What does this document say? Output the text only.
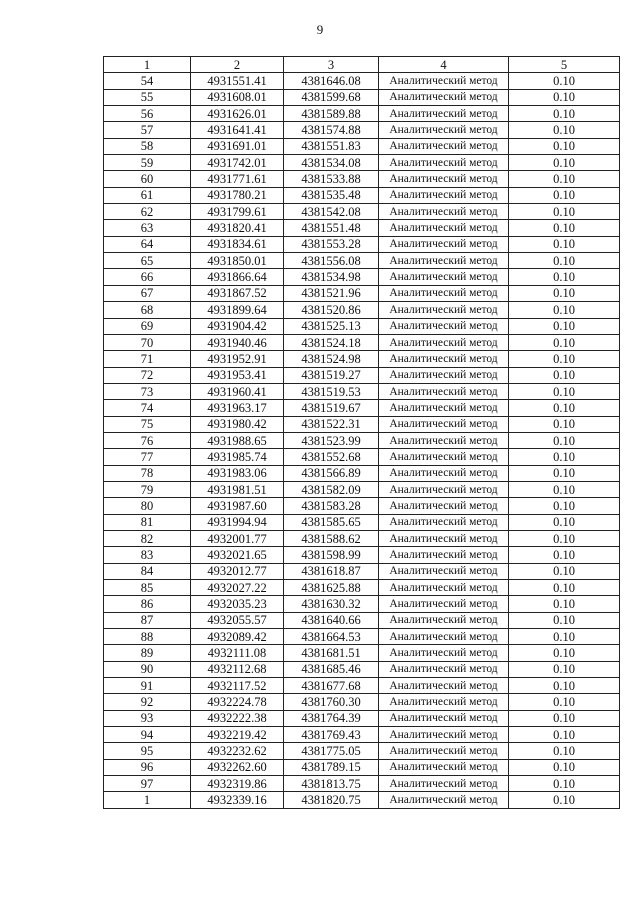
9
1	2	3	4	5
54	4931551.41	4381646.08	Аналитический метод	0.10
55	4931608.01	4381599.68	Аналитический метод	0.10
56	4931626.01	4381589.88	Аналитический метод	0.10
57	4931641.41	4381574.88	Аналитический метод	0.10
58	4931691.01	4381551.83	Аналитический метод	0.10
59	4931742.01	4381534.08	Аналитический метод	0.10
60	4931771.61	4381533.88	Аналитический метод	0.10
61	4931780.21	4381535.48	Аналитический метод	0.10
62	4931799.61	4381542.08	Аналитический метод	0.10
63	4931820.41	4381551.48	Аналитический метод	0.10
64	4931834.61	4381553.28	Аналитический метод	0.10
65	4931850.01	4381556.08	Аналитический метод	0.10
66	4931866.64	4381534.98	Аналитический метод	0.10
67	4931867.52	4381521.96	Аналитический метод	0.10
68	4931899.64	4381520.86	Аналитический метод	0.10
69	4931904.42	4381525.13	Аналитический метод	0.10
70	4931940.46	4381524.18	Аналитический метод	0.10
71	4931952.91	4381524.98	Аналитический метод	0.10
72	4931953.41	4381519.27	Аналитический метод	0.10
73	4931960.41	4381519.53	Аналитический метод	0.10
74	4931963.17	4381519.67	Аналитический метод	0.10
75	4931980.42	4381522.31	Аналитический метод	0.10
76	4931988.65	4381523.99	Аналитический метод	0.10
77	4931985.74	4381552.68	Аналитический метод	0.10
78	4931983.06	4381566.89	Аналитический метод	0.10
79	4931981.51	4381582.09	Аналитический метод	0.10
80	4931987.60	4381583.28	Аналитический метод	0.10
81	4931994.94	4381585.65	Аналитический метод	0.10
82	4932001.77	4381588.62	Аналитический метод	0.10
83	4932021.65	4381598.99	Аналитический метод	0.10
84	4932012.77	4381618.87	Аналитический метод	0.10
85	4932027.22	4381625.88	Аналитический метод	0.10
86	4932035.23	4381630.32	Аналитический метод	0.10
87	4932055.57	4381640.66	Аналитический метод	0.10
88	4932089.42	4381664.53	Аналитический метод	0.10
89	4932111.08	4381681.51	Аналитический метод	0.10
90	4932112.68	4381685.46	Аналитический метод	0.10
91	4932117.52	4381677.68	Аналитический метод	0.10
92	4932224.78	4381760.30	Аналитический метод	0.10
93	4932222.38	4381764.39	Аналитический метод	0.10
94	4932219.42	4381769.43	Аналитический метод	0.10
95	4932232.62	4381775.05	Аналитический метод	0.10
96	4932262.60	4381789.15	Аналитический метод	0.10
97	4932319.86	4381813.75	Аналитический метод	0.10
1	4932339.16	4381820.75	Аналитический метод	0.10
